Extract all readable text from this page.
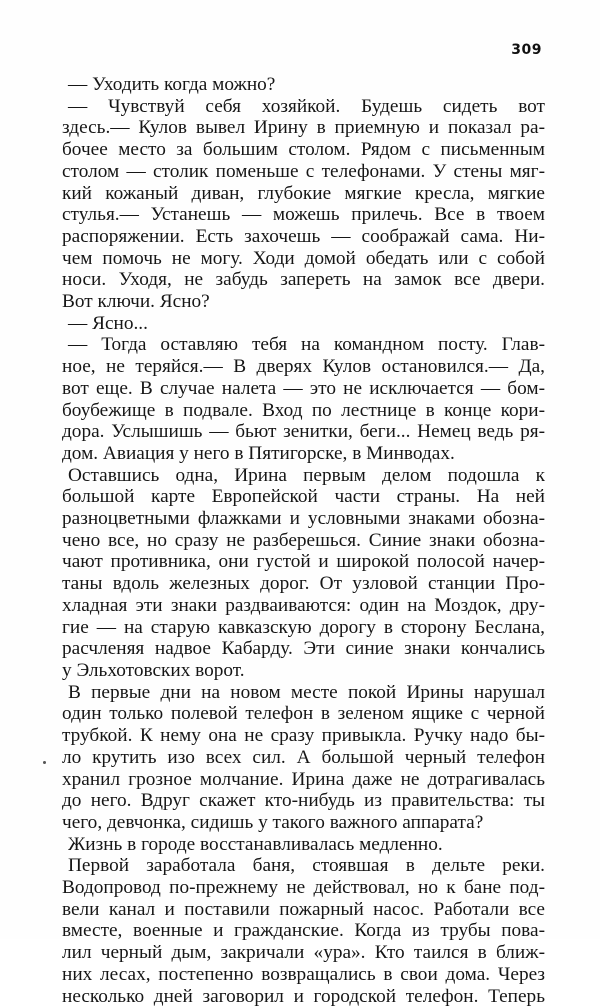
309
— Уходить когда можно?
— Чувствуй себя хозяйкой. Будешь сидеть вот
здесь.— Кулов вывел Ирину в приемную и показал ра-
бочее место за большим столом. Рядом с письменным
столом — столик поменьше с телефонами. У стены мяг-
кий кожаный диван, глубокие мягкие кресла, мягкие
стулья.— Устанешь — можешь прилечь. Все в твоем
распоряжении. Есть захочешь — соображай сама. Ни-
чем помочь не могу. Ходи домой обедать или с собой
носи. Уходя, не забудь запереть на замок все двери.
Вот ключи. Ясно?
— Ясно...
— Тогда оставляю тебя на командном посту. Глав-
ное, не теряйся.— В дверях Кулов остановился.— Да,
вот еще. В случае налета — это не исключается — бом-
боубежище в подвале. Вход по лестнице в конце кори-
дора. Услышишь — бьют зенитки, беги... Немец ведь ря-
дом. Авиация у него в Пятигорске, в Минводах.
Оставшись одна, Ирина первым делом подошла к
большой карте Европейской части страны. На ней
разноцветными флажками и условными знаками обозна-
чено все, но сразу не разберешься. Синие знаки обозна-
чают противника, они густой и широкой полосой начер-
таны вдоль железных дорог. От узловой станции Про-
хладная эти знаки раздваиваются: один на Моздок, дру-
гие — на старую кавказскую дорогу в сторону Беслана,
расчленяя надвое Кабарду. Эти синие знаки кончались
у Эльхотовских ворот.
В первые дни на новом месте покой Ирины нарушал
один только полевой телефон в зеленом ящике с черной
трубкой. К нему она не сразу привыкла. Ручку надо бы-
ло крутить изо всех сил. А большой черный телефон
хранил грозное молчание. Ирина даже не дотрагивалась
до него. Вдруг скажет кто-нибудь из правительства: ты
чего, девчонка, сидишь у такого важного аппарата?
Жизнь в городе восстанавливалась медленно.
Первой заработала баня, стоявшая в дельте реки.
Водопровод по-прежнему не действовал, но к бане под-
вели канал и поставили пожарный насос. Работали все
вместе, военные и гражданские. Когда из трубы пова-
лил черный дым, закричали «ура». Кто таился в ближ-
них лесах, постепенно возвращались в свои дома. Через
несколько дней заговорил и городской телефон. Теперь
